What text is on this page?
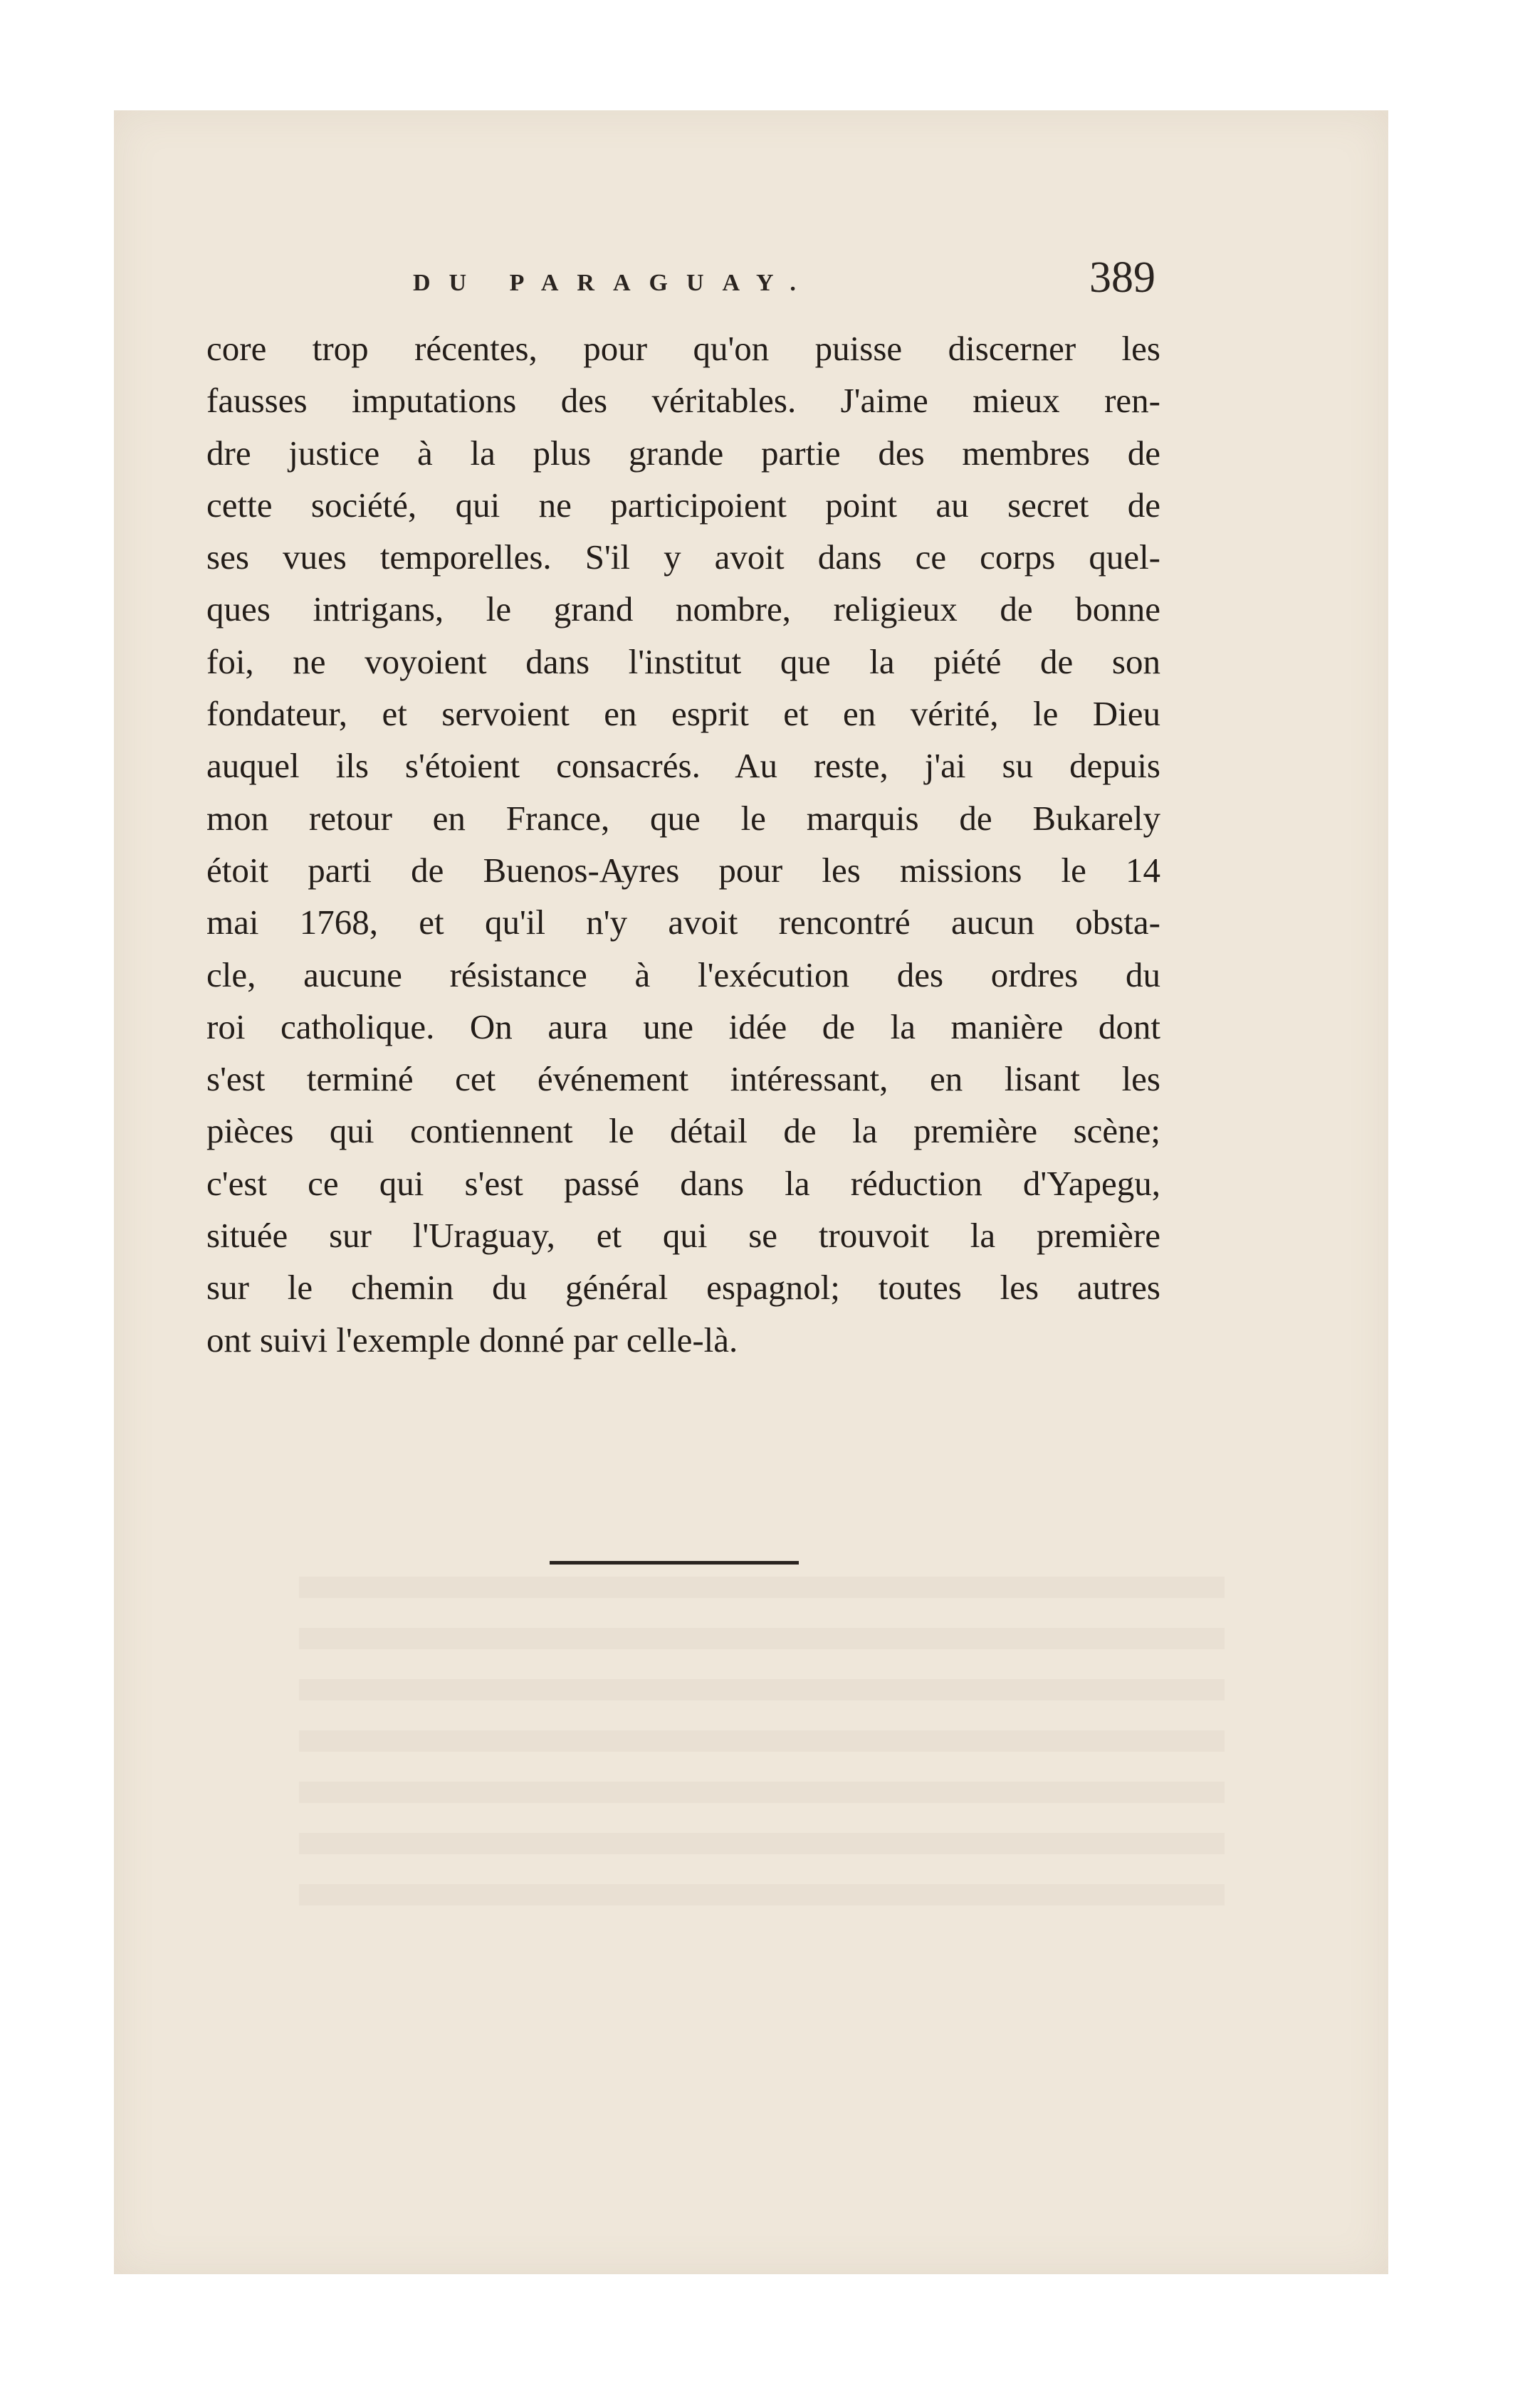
DU PARAGUAY.	389
core trop récentes, pour qu'on puisse discerner les
fausses imputations des véritables. J'aime mieux ren-
dre justice à la plus grande partie des membres de
cette société, qui ne participoient point au secret de
ses vues temporelles. S'il y avoit dans ce corps quel-
ques intrigans, le grand nombre, religieux de bonne
foi, ne voyoient dans l'institut que la piété de son
fondateur, et servoient en esprit et en vérité, le Dieu
auquel ils s'étoient consacrés. Au reste, j'ai su depuis
mon retour en France, que le marquis de Bukarely
étoit parti de Buenos-Ayres pour les missions le 14
mai 1768, et qu'il n'y avoit rencontré aucun obsta-
cle, aucune résistance à l'exécution des ordres du
roi catholique. On aura une idée de la manière dont
s'est terminé cet événement intéressant, en lisant les
pièces qui contiennent le détail de la première scène;
c'est ce qui s'est passé dans la réduction d'Yapegu,
située sur l'Uraguay, et qui se trouvoit la première
sur le chemin du général espagnol; toutes les autres
ont suivi l'exemple donné par celle-là.
